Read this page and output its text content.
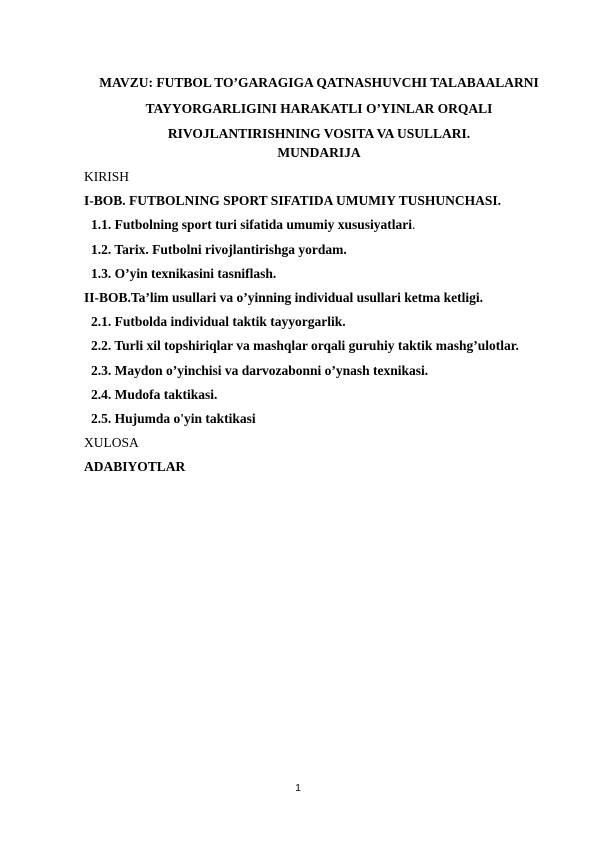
MAVZU: FUTBOL TO’GARAGIGA QATNASHUVCHI TALABAALARNI
TAYYORGARLIGINI HARAKATLI O’YINLAR ORQALI
RIVOJLANTIRISHNING VOSITA VA USULLARI.
MUNDARIJA
KIRISH
I-BOB. FUTBOLNING SPORT SIFATIDA UMUMIY TUSHUNCHASI.
1.1. Futbolning sport turi sifatida umumiy xususiyatlari.
1.2. Tarix. Futbolni rivojlantirishga yordam.
1.3. O’yin texnikasini tasniflash.
II-BOB.Ta’lim usullari va o’yinning individual usullari ketma ketligi.
2.1. Futbolda individual taktik tayyorgarlik.
2.2. Turli xil topshiriqlar va mashqlar orqali guruhiy taktik mashg’ulotlar.
2.3. Maydon o’yinchisi va darvozabonni o’ynash texnikasi.
2.4. Mudofa taktikasi.
2.5. Hujumda o'yin taktikasi
XULOSA
ADABIYOTLAR
1
